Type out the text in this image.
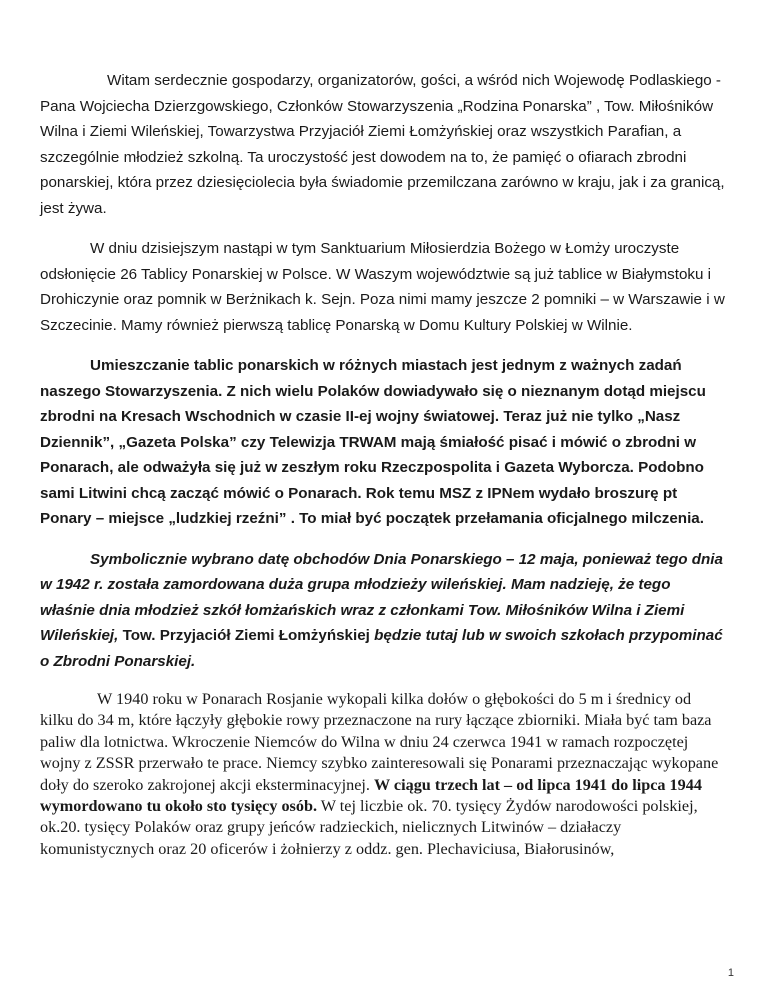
Witam serdecznie gospodarzy, organizatorów, gości, a wśród nich Wojewodę Podlaskiego - Pana Wojciecha Dzierzgowskiego, Członków Stowarzyszenia „Rodzina Ponarska” , Tow. Miłośników Wilna i Ziemi Wileńskiej, Towarzystwa Przyjaciół Ziemi Łomżyńskiej oraz wszystkich Parafian, a szczególnie młodzież szkolną. Ta uroczystość jest dowodem na to, że pamięć o ofiarach zbrodni ponarskiej, która przez dziesięciolecia była świadomie przemilczana zarówno w kraju, jak i za granicą, jest żywa.

W dniu dzisiejszym nastąpi w tym Sanktuarium Miłosierdzia Bożego w Łomży uroczyste odsłonięcie 26 Tablicy Ponarskiej w Polsce. W Waszym województwie są już tablice w Białymstoku i Drohiczynie oraz pomnik w Berżnikach k. Sejn. Poza nimi mamy jeszcze 2 pomniki – w Warszawie i w Szczecinie. Mamy również pierwszą tablicę Ponarską w Domu Kultury Polskiej w Wilnie.

Umieszczanie tablic ponarskich w różnych miastach jest jednym z ważnych zadań naszego Stowarzyszenia. Z nich wielu Polaków dowiadywało się o nieznanym dotąd miejscu zbrodni na Kresach Wschodnich w czasie II-ej wojny światowej. Teraz już nie tylko „Nasz Dziennik”, „Gazeta Polska” czy Telewizja TRWAM mają śmiałość pisać i mówić o zbrodni w Ponarach, ale odważyła się już w zeszłym roku Rzeczpospolita i Gazeta Wyborcza. Podobno sami Litwini chcą zacząć mówić o Ponarach. Rok temu MSZ z IPNem wydało broszurę pt Ponary – miejsce „ludzkiej rzeźni” . To miał być początek przełamania oficjalnego milczenia.

Symbolicznie wybrano datę obchodów Dnia Ponarskiego – 12 maja, ponieważ tego dnia w 1942 r. została zamordowana duża grupa młodzieży wileńskiej. Mam nadzieję, że tego właśnie dnia młodzież szkół łomżańskich wraz z członkami Tow. Miłośników Wilna i Ziemi Wileńskiej, Tow. Przyjaciół Ziemi Łomżyńskiej będzie tutaj lub w swoich szkołach przypominać o Zbrodni Ponarskiej.

W 1940 roku w Ponarach Rosjanie wykopali kilka dołów o głębokości do 5 m i średnicy od kilku do 34 m, które łączyły głębokie rowy przeznaczone na rury łączące zbiorniki. Miała być tam baza paliw dla lotnictwa. Wkroczenie Niemców do Wilna w dniu 24 czerwca 1941 w ramach rozpoczętej wojny z ZSSR przerwało te prace. Niemcy szybko zainteresowali się Ponarami przeznaczając wykopane doły do szeroko zakrojonej akcji eksterminacyjnej. W ciągu trzech lat – od lipca 1941 do lipca 1944 wymordowano tu około sto tysięcy osób. W tej liczbie ok. 70. tysięcy Żydów narodowości polskiej, ok.20. tysięcy Polaków oraz grupy jeńców radzieckich, nielicznych Litwinów – działaczy komunistycznych oraz 20 oficerów i żołnierzy z oddz. gen. Plechaviciusa, Białorusinów,

1
